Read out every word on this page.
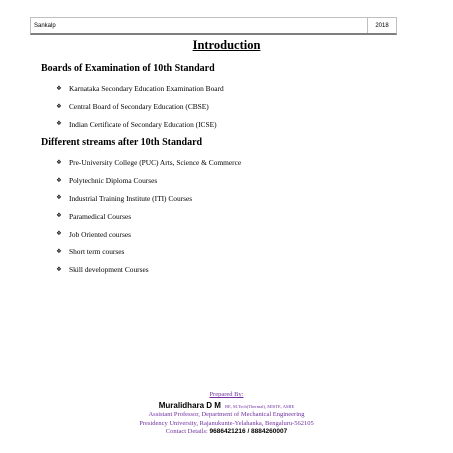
Sankalp	2018
Introduction
Boards of Examination of 10th Standard
❖ Karnataka Secondary Education Examination Board
❖ Central Board of Secondary Education (CBSE)
❖ Indian Certificate of Secondary Education (ICSE)
Different streams after 10th Standard
❖ Pre-University College (PUC) Arts, Science & Commerce
❖ Polytechnic Diploma Courses
❖ Industrial Training Institute (ITI) Courses
❖ Paramedical Courses
❖ Job Oriented courses
❖ Short term courses
❖ Skill development Courses
Prepared By:
Muralidhara D M BE, M.Tech(Thermal), MISTE, AMIE
Assistant Professor, Department of Mechanical Engineering
Presidency University, Rajanukunte-Yelahanka, Bengaluru-562105
Contact Details: 9686421216 / 8884260007
